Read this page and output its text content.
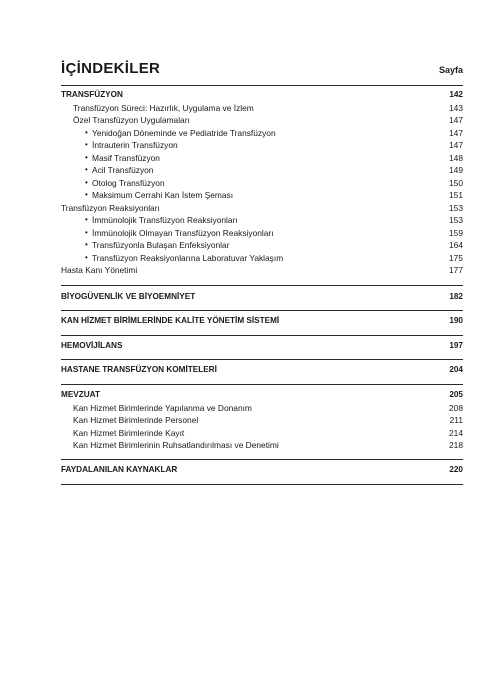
İÇİNDEKİLER	Sayfa
TRANSFÜZYON	142
Transfüzyon Süreci: Hazırlık, Uygulama ve İzlem	143
Özel Transfüzyon Uygulamaları	147
• Yenidoğan Döneminde ve Pediatride Transfüzyon	147
• İntrauterin Transfüzyon	147
• Masif Transfüzyon	148
• Acil Transfüzyon	149
• Otolog Transfüzyon	150
• Maksimum Cerrahi Kan İstem Şeması	151
Transfüzyon Reaksiyonları	153
• İmmünolojik Transfüzyon Reaksiyonları	153
• İmmünolojik Olmayan Transfüzyon Reaksiyonları	159
• Transfüzyonla Bulaşan Enfeksiyonlar	164
• Transfüzyon Reaksiyonlarına Laboratuvar Yaklaşım	175
Hasta Kanı Yönetimi	177
BİYOGÜVENLİK VE BİYOEMNİYET	182
KAN HİZMET BİRİMLERİNDE KALİTE YÖNETİM SİSTEMİ	190
HEMOVİJİLANS	197
HASTANE TRANSFÜZYON KOMİTELERİ	204
MEVZUAT	205
Kan Hizmet Birimlerinde Yapılanma ve Donanım	208
Kan Hizmet Birimlerinde Personel	211
Kan Hizmet Birimlerinde Kayıt	214
Kan Hizmet Birimlerinin Ruhsatlandırılması ve Denetimi	218
FAYDALANILAN KAYNAKLAR	220
